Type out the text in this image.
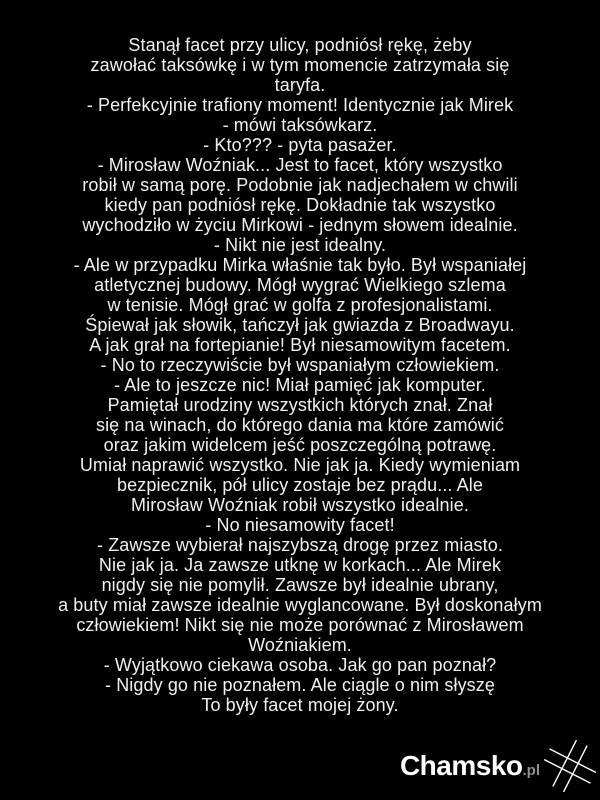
Stanął facet przy ulicy, podniósł rękę, żeby
zawołać taksówkę i w tym momencie zatrzymała się
taryfa.
- Perfekcyjnie trafiony moment! Identycznie jak Mirek
- mówi taksówkarz.
- Kto??? - pyta pasażer.
- Mirosław Woźniak... Jest to facet, który wszystko
robił w samą porę. Podobnie jak nadjechałem w chwili
kiedy pan podniósł rękę. Dokładnie tak wszystko
wychodziło w życiu Mirkowi - jednym słowem idealnie.
- Nikt nie jest idealny.
- Ale w przypadku Mirka właśnie tak było. Był wspaniałej
atletycznej budowy. Mógł wygrać Wielkiego szlema
w tenisie. Mógł grać w golfa z profesjonalistami.
Śpiewał jak słowik, tańczył jak gwiazda z Broadwayu.
A jak grał na fortepianie! Był niesamowitym facetem.
- No to rzeczywiście był wspaniałym człowiekiem.
- Ale to jeszcze nic! Miał pamięć jak komputer.
Pamiętał urodziny wszystkich których znał. Znał
się na winach, do którego dania ma które zamówić
oraz jakim widelcem jeść poszczególną potrawę.
Umiał naprawić wszystko. Nie jak ja. Kiedy wymieniam
bezpiecznik, pół ulicy zostaje bez prądu... Ale
Mirosław Woźniak robił wszystko idealnie.
- No niesamowity facet!
- Zawsze wybierał najszybszą drogę przez miasto.
Nie jak ja. Ja zawsze utknę w korkach... Ale Mirek
nigdy się nie pomylił. Zawsze był idealnie ubrany,
a buty miał zawsze idealnie wyglancowane. Był doskonałym
człowiekiem! Nikt się nie może porównać z Mirosławem
Woźniakiem.
- Wyjątkowo ciekawa osoba. Jak go pan poznał?
- Nigdy go nie poznałem. Ale ciągle o nim słyszę
To były facet mojej żony.
Chamsko.pl
